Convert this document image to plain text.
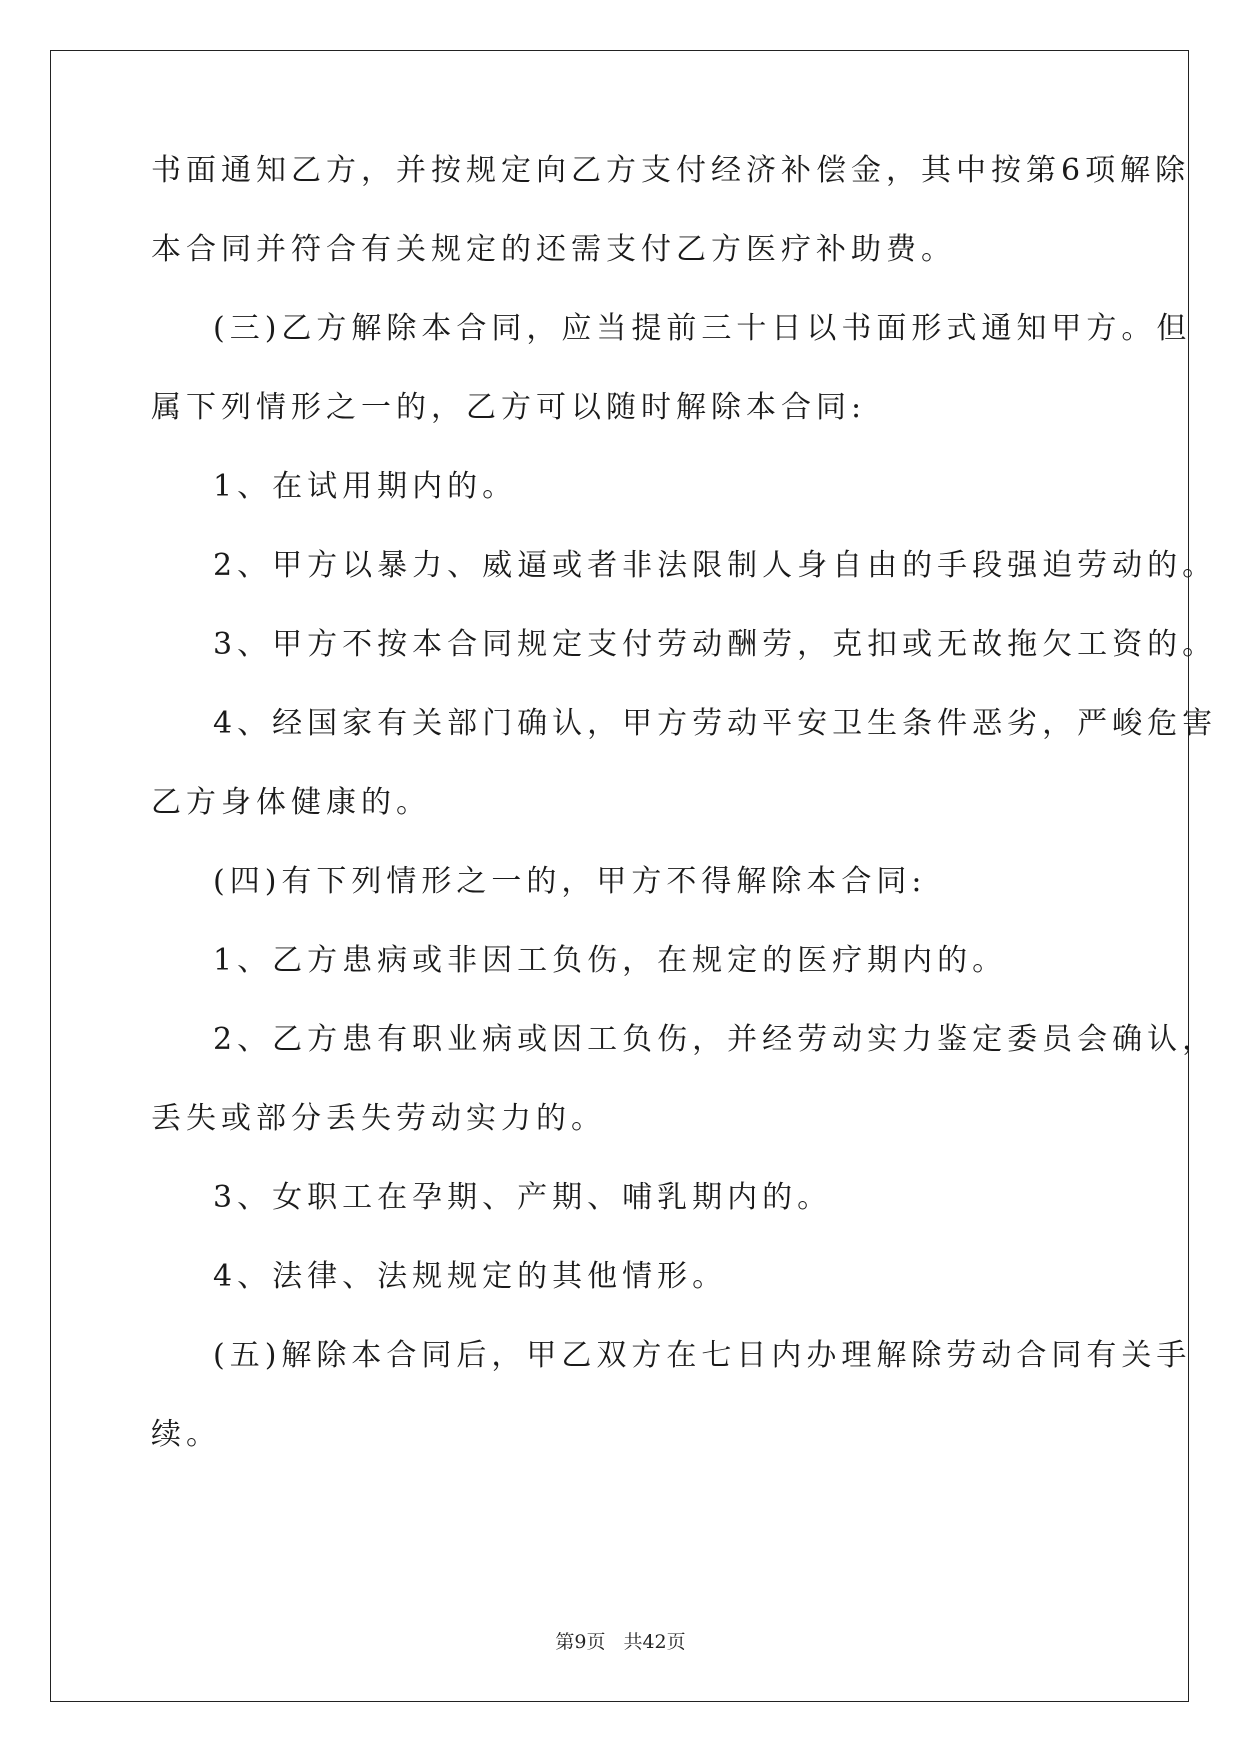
书面通知乙方，并按规定向乙方支付经济补偿金，其中按第6项解除
本合同并符合有关规定的还需支付乙方医疗补助费。
(三)乙方解除本合同，应当提前三十日以书面形式通知甲方。但
属下列情形之一的，乙方可以随时解除本合同:
1、在试用期内的。
2、甲方以暴力、威逼或者非法限制人身自由的手段强迫劳动的。
3、甲方不按本合同规定支付劳动酬劳，克扣或无故拖欠工资的。
4、经国家有关部门确认，甲方劳动平安卫生条件恶劣，严峻危害
乙方身体健康的。
(四)有下列情形之一的，甲方不得解除本合同:
1、乙方患病或非因工负伤，在规定的医疗期内的。
2、乙方患有职业病或因工负伤，并经劳动实力鉴定委员会确认，
丢失或部分丢失劳动实力的。
3、女职工在孕期、产期、哺乳期内的。
4、法律、法规规定的其他情形。
(五)解除本合同后，甲乙双方在七日内办理解除劳动合同有关手
续。
第9页 共42页
